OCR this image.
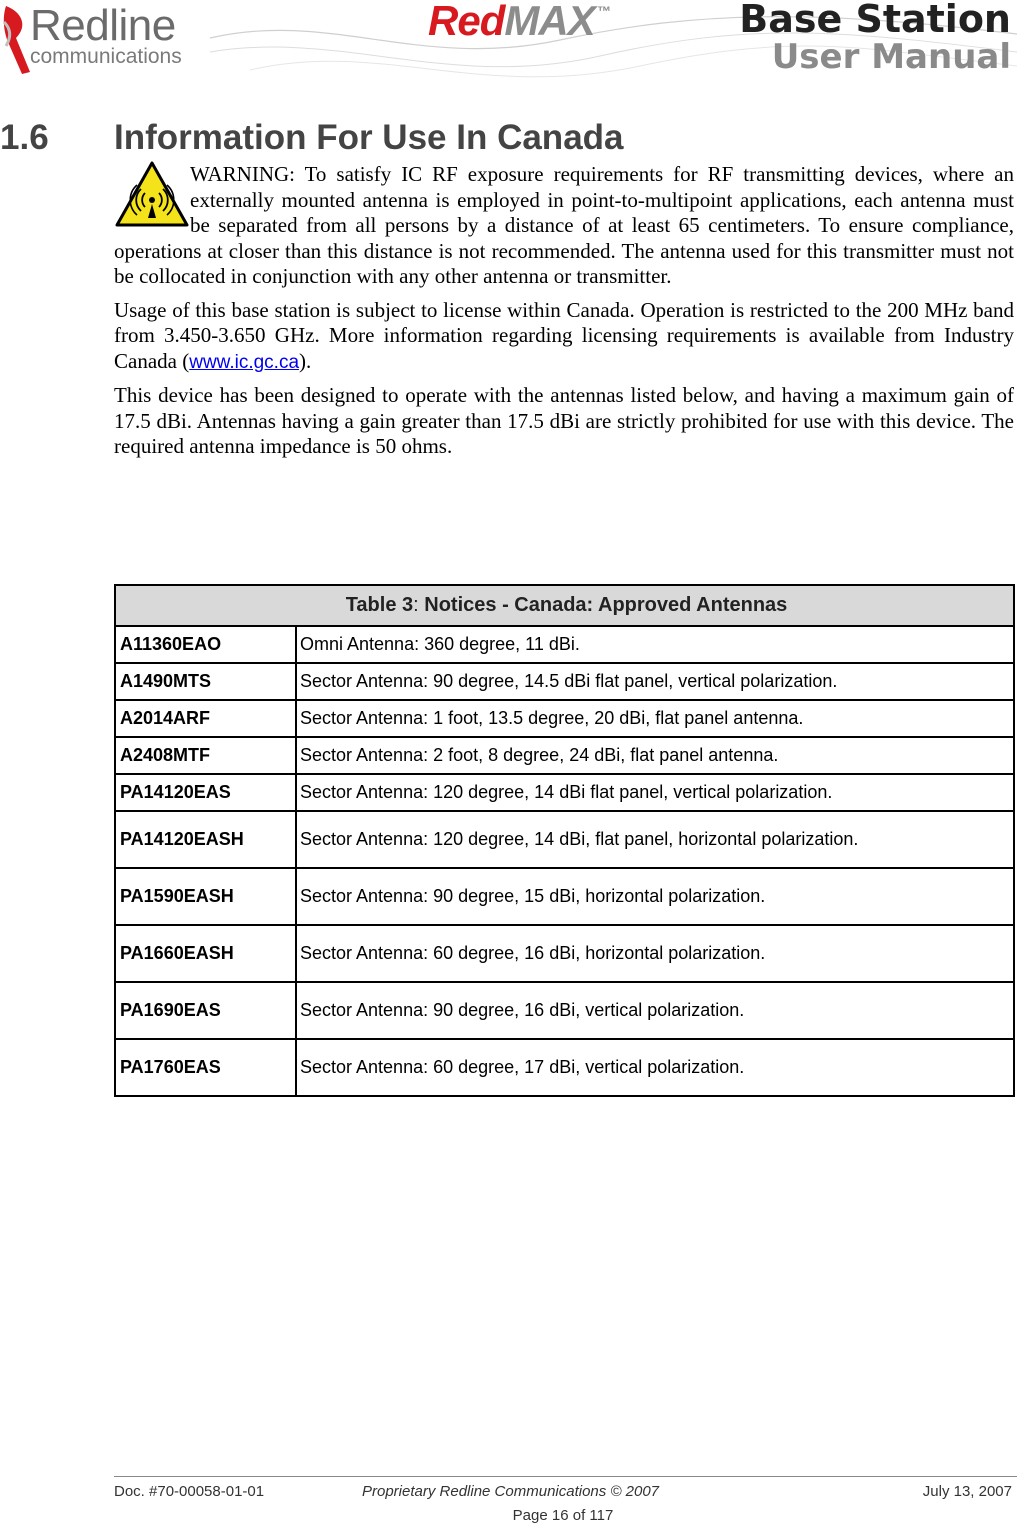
Redline
communications
RedMAX ™	Base Station
User Manual
1.6 Information For Use In Canada

WARNING: To satisfy IC RF exposure requirements for RF transmitting devices, where an externally mounted antenna is employed in point-to-multipoint applications, each antenna must be separated from all persons by a distance of at least 65 centimeters. To ensure compliance, operations at closer than this distance is not recommended. The antenna used for this transmitter must not be collocated in conjunction with any other antenna or transmitter.

Usage of this base station is subject to license within Canada. Operation is restricted to the 200 MHz band from 3.450-3.650 GHz. More information regarding licensing requirements is available from Industry Canada (www.ic.gc.ca).

This device has been designed to operate with the antennas listed below, and having a maximum gain of 17.5 dBi. Antennas having a gain greater than 17.5 dBi are strictly prohibited for use with this device. The required antenna impedance is 50 ohms.

Table 3: Notices - Canada: Approved Antennas	
A11360EAO	Omni Antenna: 360 degree, 11 dBi.
A1490MTS	Sector Antenna: 90 degree, 14.5 dBi flat panel, vertical polarization.
A2014ARF	Sector Antenna: 1 foot, 13.5 degree, 20 dBi, flat panel antenna.
A2408MTF	Sector Antenna: 2 foot, 8 degree, 24 dBi, flat panel antenna.
PA14120EAS	Sector Antenna: 120 degree, 14 dBi flat panel, vertical polarization.
PA14120EASH	Sector Antenna: 120 degree, 14 dBi, flat panel, horizontal polarization.
PA1590EASH	Sector Antenna: 90 degree, 15 dBi, horizontal polarization.
PA1660EASH	Sector Antenna: 60 degree, 16 dBi, horizontal polarization.
PA1690EAS	Sector Antenna: 90 degree, 16 dBi, vertical polarization.
PA1760EAS	Sector Antenna: 60 degree, 17 dBi, vertical polarization.
Doc. #70-00058-01-01	Proprietary Redline Communications © 2007	July 13, 2007
Page 16 of 117
